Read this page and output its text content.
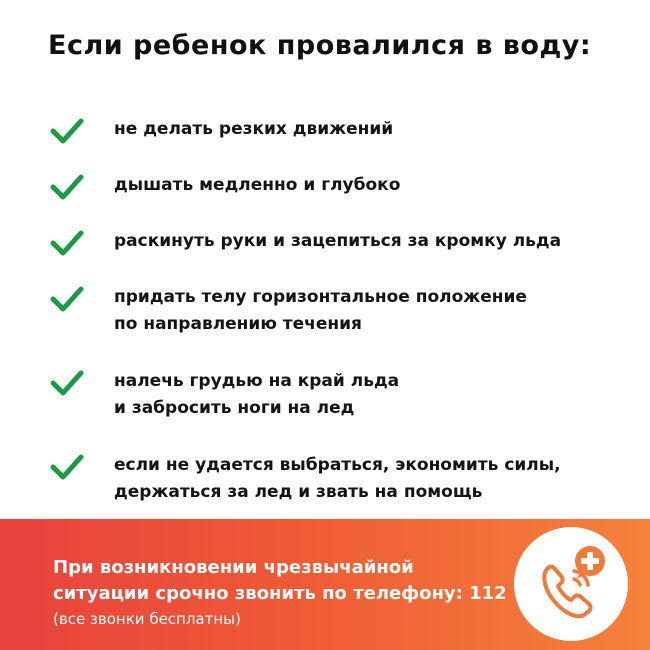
Если ребенок провалился в воду:
не делать резких движений
дышать медленно и глубоко
раскинуть руки и зацепиться за кромку льда
придать телу горизонтальное положение
по направлению течения
налечь грудью на край льда
и забросить ноги на лед
если не удается выбраться, экономить силы,
держаться за лед и звать на помощь
При возникновении чрезвычайной
ситуации срочно звонить по телефону: 112
(все звонки бесплатны)
